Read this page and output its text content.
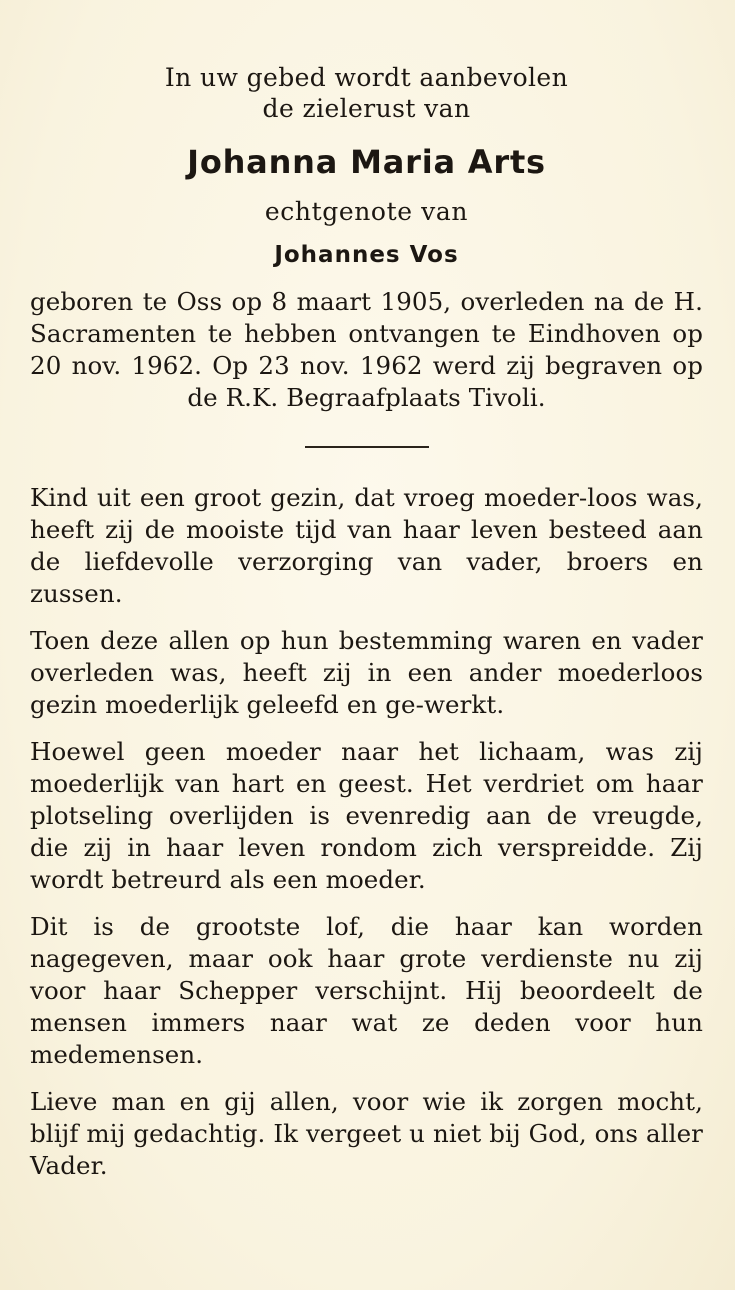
In uw gebed wordt aanbevolen
de zielerust van
Johanna Maria Arts
echtgenote van
Johannes Vos
geboren te Oss op 8 maart 1905, overleden na de H. Sacramenten te hebben ontvangen te Eindhoven op 20 nov. 1962. Op 23 nov. 1962 werd zij begraven op de R.K. Begraafplaats Tivoli.

Kind uit een groot gezin, dat vroeg moeder-loos was, heeft zij de mooiste tijd van haar leven besteed aan de liefdevolle verzorging van vader, broers en zussen.

Toen deze allen op hun bestemming waren en vader overleden was, heeft zij in een ander moederloos gezin moederlijk geleefd en ge-werkt.

Hoewel geen moeder naar het lichaam, was zij moederlijk van hart en geest. Het verdriet om haar plotseling overlijden is evenredig aan de vreugde, die zij in haar leven rondom zich verspreidde. Zij wordt betreurd als een moeder.

Dit is de grootste lof, die haar kan worden nagegeven, maar ook haar grote verdienste nu zij voor haar Schepper verschijnt. Hij beoordeelt de mensen immers naar wat ze deden voor hun medemensen.

Lieve man en gij allen, voor wie ik zorgen mocht, blijf mij gedachtig. Ik vergeet u niet bij God, ons aller Vader.
